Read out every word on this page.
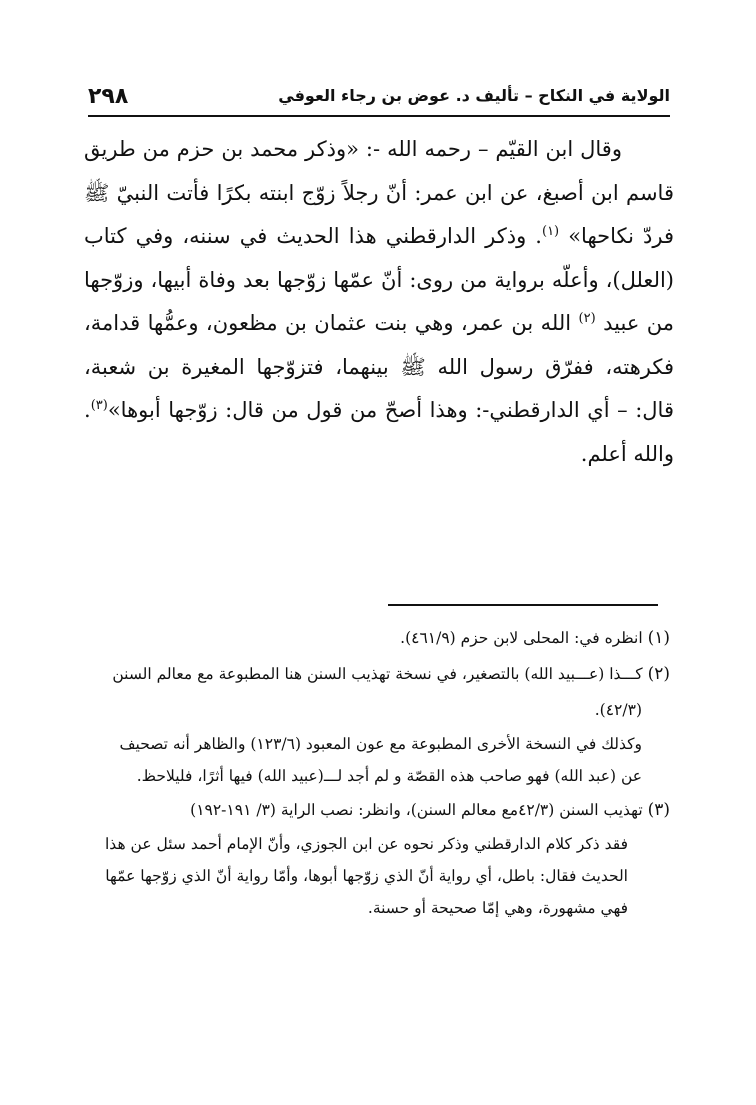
٢٩٨	الولاية في النكاح – تأليف د. عوض بن رجاء العوفي

وقال ابن القيّم – رحمه الله -: «وذكر محمد بن حزم من طريق قاسم ابن أصبغ، عن ابن عمر: أنّ رجلاً زوّج ابنته بكرًا فأتت النبيّ ﷺ فردّ نكاحها» $^{(١)}$. وذكر الدارقطني هذا الحديث في سننه، وفي كتاب (العلل)، وأعلّه برواية من روى: أنّ عمّها زوّجها بعد وفاة أبيها، وزوّجها من عبيد $^{(٢)}$ الله بن عمر، وهي بنت عثمان بن مظعون، وعمُّها قدامة، فكرهته، ففرّق رسول الله ﷺ بينهما، فتزوّجها المغيرة بن شعبة، قال: – أي الدارقطني-: وهذا أصحّ من قول من قال: زوّجها أبوها»$^{(٣)}$. والله أعلم.

(١) انظره في: المحلى لابن حزم (٤٦١/٩).

(٢) كـــذا (عـــبيد الله) بالتصغير، في نسخة تهذيب السنن هنا المطبوعة مع معالم السنن

(٤٢/٣).

وكذلك في النسخة الأخرى المطبوعة مع عون المعبود (١٢٣/٦) والظاهر أنه تصحيف

عن (عبد الله) فهو صاحب هذه القصّة و لم أجد لـــ(عبيد الله) فيها أثرًا، فليلاحظ.

(٣) تهذيب السنن (٤٢/٣مع معالم السنن)، وانظر: نصب الراية (٣/ ١٩١-١٩٢)

فقد ذكر كلام الدارقطني وذكر نحوه عن ابن الجوزي، وأنّ الإمام أحمد سئل عن هذا الحديث فقال: باطل، أي رواية أنّ الذي زوّجها أبوها، وأمّا رواية أنّ الذي زوّجها عمّها فهي مشهورة، وهي إمّا صحيحة أو حسنة.
